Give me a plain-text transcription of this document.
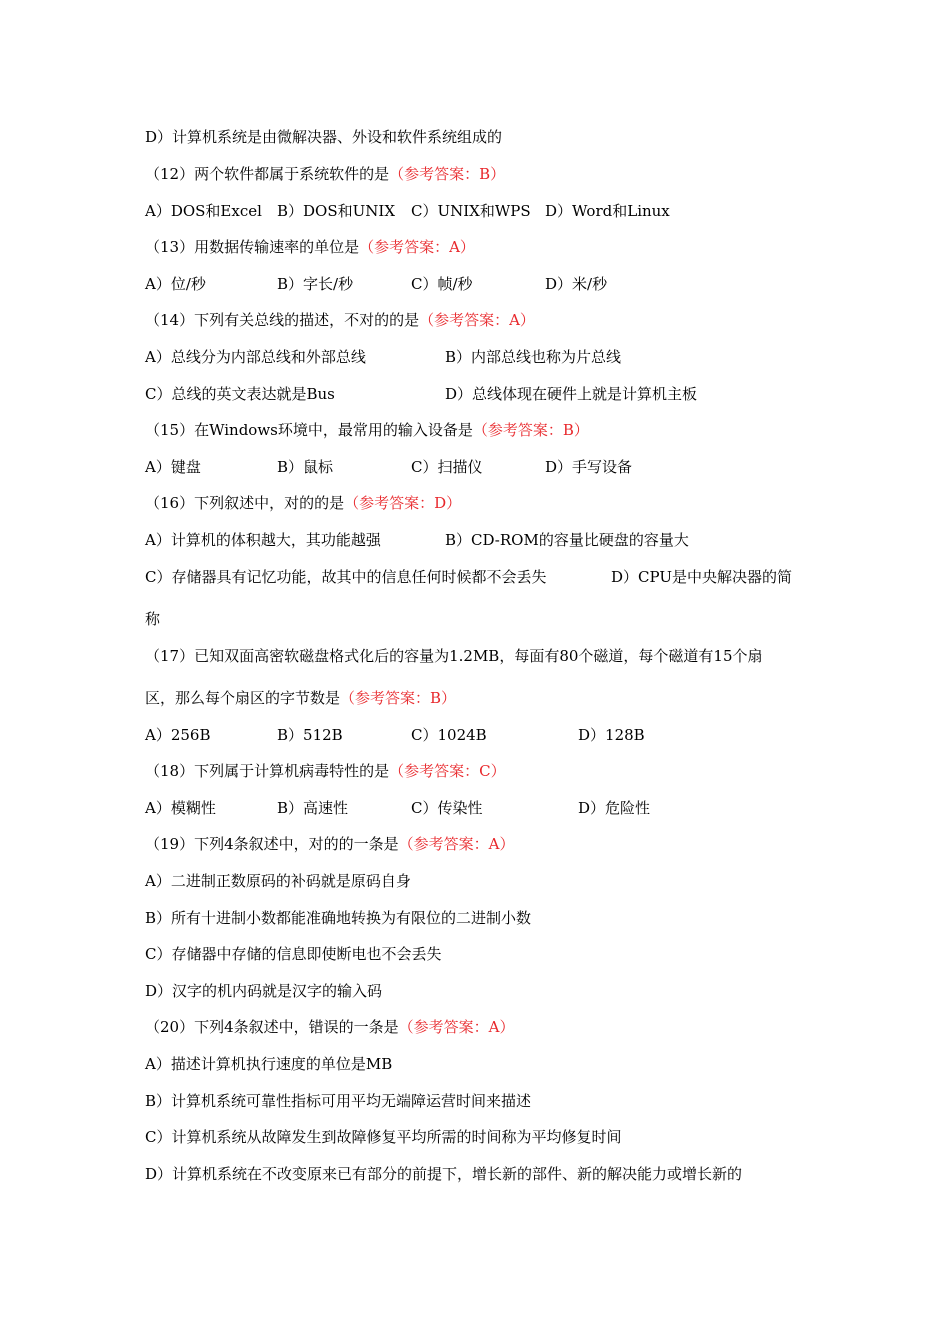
D）计算机系统是由微解决器、外设和软件系统组成的
（12）两个软件都属于系统软件的是（参考答案：B）

A）DOS和Excel

B）DOS和UNIX

C）UNIX和WPS

D）Word和Linux

（13）用数据传输速率的单位是（参考答案：A）

A）位/秒

	B）字长/秒

	C）帧/秒

	D）米/秒

（14）下列有关总线的描述，不对的的是（参考答案：A）

A）总线分为内部总线和外部总线

	B）内部总线也称为片总线

C）总线的英文表达就是Bus

	D）总线体现在硬件上就是计算机主板

（15）在Windows环境中，最常用的输入设备是（参考答案：B）

A）键盘

	B）鼠标

	C）扫描仪

	D）手写设备

（16）下列叙述中，对的的是（参考答案：D）

A）计算机的体积越大，其功能越强

	B）CD-ROM的容量比硬盘的容量大

C）存储器具有记忆功能，故其中的信息任何时候都不会丢失

	D）CPU是中央解决器的简

称
（17）已知双面高密软磁盘格式化后的容量为1.2MB，每面有80个磁道，每个磁道有15个扇
区，那么每个扇区的字节数是（参考答案：B）

A）256B

	B）512B

	C）1024B

	D）128B

（18）下列属于计算机病毒特性的是（参考答案：C）

A）模糊性

	B）高速性

	C）传染性

	D）危险性

（19）下列4条叙述中，对的的一条是（参考答案：A）
A）二进制正数原码的补码就是原码自身
B）所有十进制小数都能准确地转换为有限位的二进制小数
C）存储器中存储的信息即使断电也不会丢失
D）汉字的机内码就是汉字的输入码
（20）下列4条叙述中，错误的一条是（参考答案：A）
A）描述计算机执行速度的单位是MB
B）计算机系统可靠性指标可用平均无端障运营时间来描述
C）计算机系统从故障发生到故障修复平均所需的时间称为平均修复时间
D）计算机系统在不改变原来已有部分的前提下，增长新的部件、新的解决能力或增长新的
